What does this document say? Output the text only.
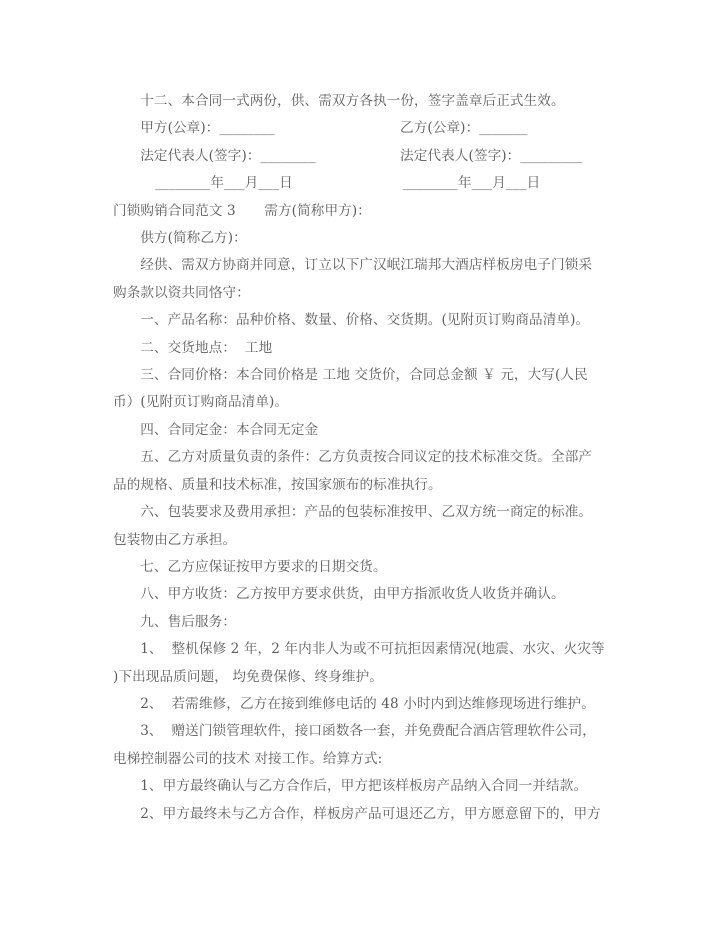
十二、本合同一式两份，供、需双方各执一份，签字盖章后正式生效。

甲方(公章)：________	乙方(公章)：_______
法定代表人(签字)：________	法定代表人(签字)：_________
________年___月___日	________年___月___日
门锁购销合同范文 3	需方(简称甲方)：

供方(简称乙方)：

经供、需双方协商并同意，订立以下广汉岷江瑞邦大酒店样板房电子门锁采

购条款以资共同恪守：

一、产品名称：品种价格、数量、价格、交货期。(见附页订购商品清单)。

二、交货地点：  工地

三、合同价格：本合同价格是 工地 交货价，合同总金额 ￥ 元，大写(人民

币）(见附页订购商品清单)。

四、合同定金：本合同无定金

五、乙方对质量负责的条件：乙方负责按合同议定的技术标准交货。全部产

品的规格、质量和技术标准，按国家颁布的标准执行。

六、包装要求及费用承担：产品的包装标准按甲、乙双方统一商定的标准。

包装物由乙方承担。

七、乙方应保证按甲方要求的日期交货。

八、甲方收货：乙方按甲方要求供货，由甲方指派收货人收货并确认。

九、售后服务：

1、  整机保修 2 年，2 年内非人为或不可抗拒因素情况(地震、水灾、火灾等

)下出现品质问题， 均免费保修、终身维护。

2、  若需维修，乙方在接到维修电话的 48 小时内到达维修现场进行维护。

3、  赠送门锁管理软件，接口函数各一套，并免费配合酒店管理软件公司，

电梯控制器公司的技术 对接工作。给算方式:

1、甲方最终确认与乙方合作后，甲方把该样板房产品纳入合同一并结款。

2、甲方最终未与乙方合作，样板房产品可退还乙方，甲方愿意留下的，甲方
